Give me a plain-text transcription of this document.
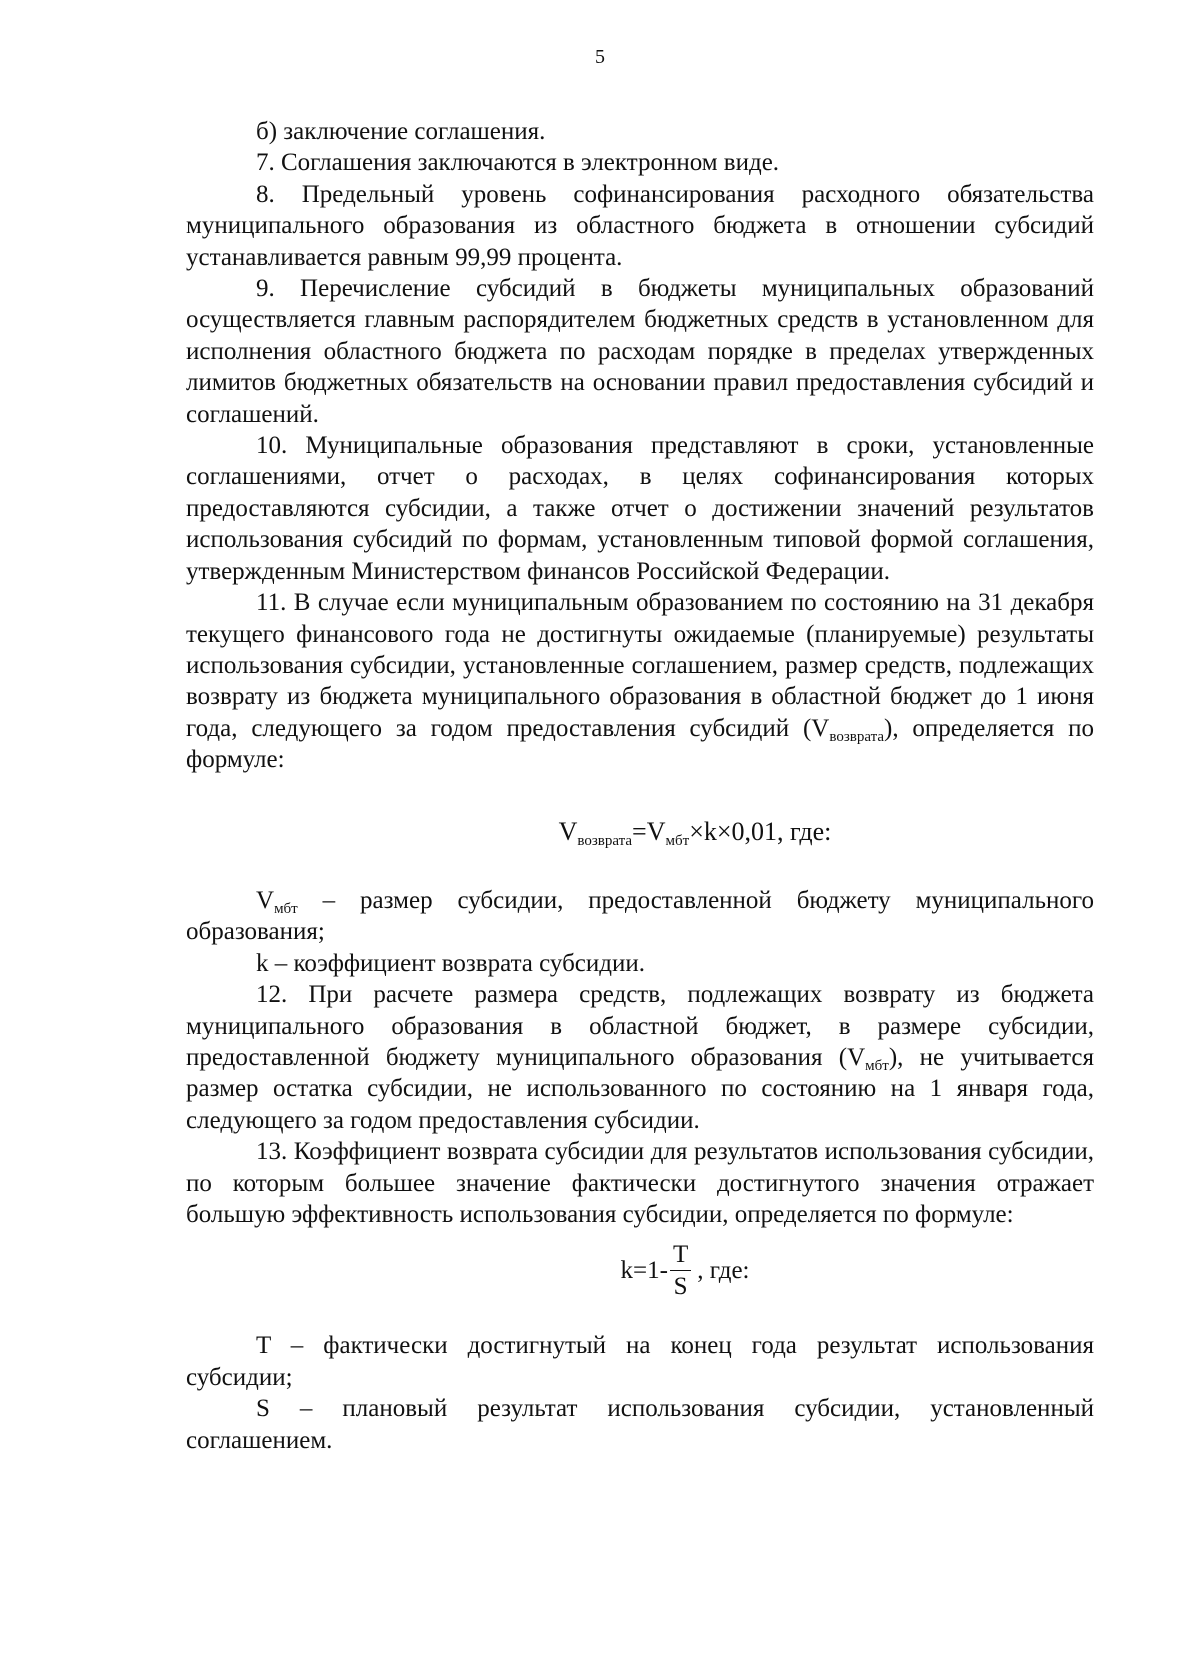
5

б) заключение соглашения.

7. Соглашения заключаются в электронном виде.

8. Предельный уровень софинансирования расходного обязательства муниципального образования из областного бюджета в отношении субсидий устанавливается равным 99,99 процента.

9. Перечисление субсидий в бюджеты муниципальных образований осуществляется главным распорядителем бюджетных средств в установленном для исполнения областного бюджета по расходам порядке в пределах утвержденных лимитов бюджетных обязательств на основании правил предоставления субсидий и соглашений.

10. Муниципальные образования представляют в сроки, установленные соглашениями, отчет о расходах, в целях софинансирования которых предоставляются субсидии, а также отчет о достижении значений результатов использования субсидий по формам, установленным типовой формой соглашения, утвержденным Министерством финансов Российской Федерации.

11. В случае если муниципальным образованием по состоянию на 31 декабря текущего финансового года не достигнуты ожидаемые (планируемые) результаты использования субсидии, установленные соглашением, размер средств, подлежащих возврату из бюджета муниципального образования в областной бюджет до 1 июня года, следующего за годом предоставления субсидий $(V_{возврата})$, определяется по формуле:

$V_{возврата}=V_{мбт}\times k\times 0,01$, где:

$V_{мбт}$ – размер субсидии, предоставленной бюджету муниципального образования;

k – коэффициент возврата субсидии.

12. При расчете размера средств, подлежащих возврату из бюджета муниципального образования в областной бюджет, в размере субсидии, предоставленной бюджету муниципального образования $(V_{мбт})$, не учитывается размер остатка субсидии, не использованного по состоянию на 1 января года, следующего за годом предоставления субсидии.

13. Коэффициент возврата субсидии для результатов использования субсидии, по которым большее значение фактически достигнутого значения отражает большую эффективность использования субсидии, определяется по формуле:

$k=1- \frac{T}{S}$ , где:

T – фактически достигнутый на конец года результат использования субсидии;

S – плановый результат использования субсидии, установленный соглашением.
